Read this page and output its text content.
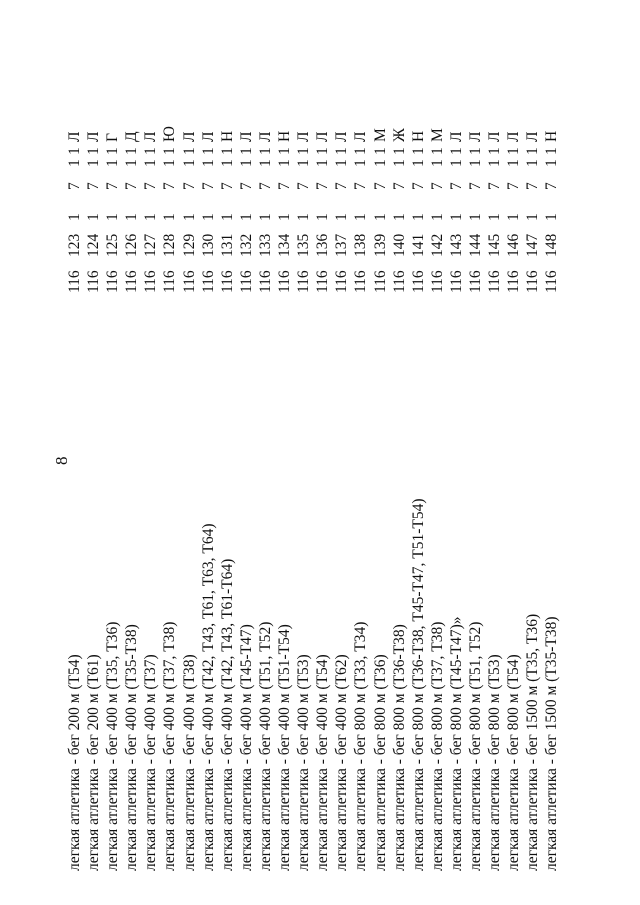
8
легкая атлетика - бег 200 м (Т54)
116
123
1
7
1
1
Л
легкая атлетика - бег 200 м (Т61)
116
124
1
7
1
1
Л
легкая атлетика - бег 400 м (Т35, Т36)
116
125
1
7
1
1
Г
легкая атлетика - бег 400 м (Т35-Т38)
116
126
1
7
1
1
Д
легкая атлетика - бег 400 м (Т37)
116
127
1
7
1
1
Л
легкая атлетика - бег 400 м (Т37, Т38)
116
128
1
7
1
1
Ю
легкая атлетика - бег 400 м (Т38)
116
129
1
7
1
1
Л
легкая атлетика - бег 400 м (Т42, Т43, Т61, Т63, Т64)
116
130
1
7
1
1
Л
легкая атлетика - бег 400 м (Т42, Т43, Т61-Т64)
116
131
1
7
1
1
Н
легкая атлетика - бег 400 м (Т45-Т47)
116
132
1
7
1
1
Л
легкая атлетика - бег 400 м (Т51, Т52)
116
133
1
7
1
1
Л
легкая атлетика - бег 400 м (Т51-Т54)
116
134
1
7
1
1
Н
легкая атлетика - бег 400 м (Т53)
116
135
1
7
1
1
Л
легкая атлетика - бег 400 м (Т54)
116
136
1
7
1
1
Л
легкая атлетика - бег 400 м (Т62)
116
137
1
7
1
1
Л
легкая атлетика - бег 800 м (Т33, Т34)
116
138
1
7
1
1
Л
легкая атлетика - бег 800 м (Т36)
116
139
1
7
1
1
М
легкая атлетика - бег 800 м (Т36-Т38)
116
140
1
7
1
1
Ж
легкая атлетика - бег 800 м (Т36-Т38, Т45-Т47, Т51-Т54)
116
141
1
7
1
1
Н
легкая атлетика - бег 800 м (Т37, Т38)
116
142
1
7
1
1
М
легкая атлетика - бег 800 м (Т45-Т47)»
116
143
1
7
1
1
Л
легкая атлетика - бег 800 м (Т51, Т52)
116
144
1
7
1
1
Л
легкая атлетика - бег 800 м (Т53)
116
145
1
7
1
1
Л
легкая атлетика - бег 800 м (Т54)
116
146
1
7
1
1
Л
легкая атлетика - бег 1500 м (Т35, Т36)
116
147
1
7
1
1
Л
легкая атлетика - бег 1500 м (Т35-Т38)
116
148
1
7
1
1
Н
